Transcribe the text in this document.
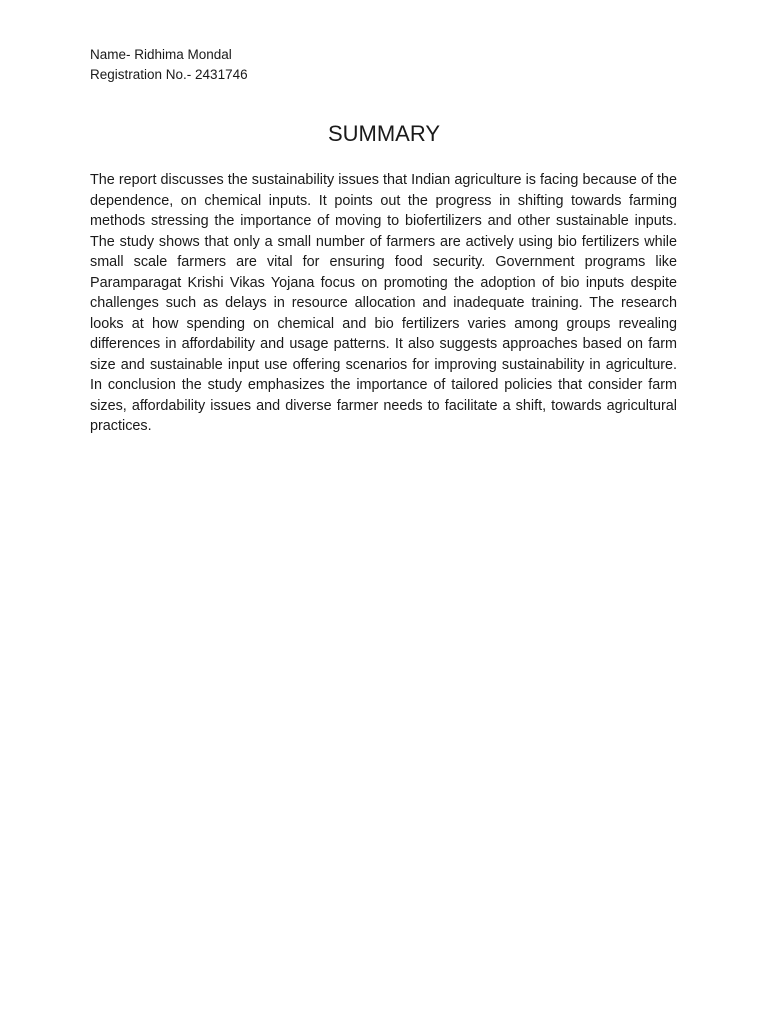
Name- Ridhima Mondal
Registration No.- 2431746
SUMMARY

The report discusses the sustainability issues that Indian agriculture is facing because of the dependence, on chemical inputs. It points out the progress in shifting towards farming methods stressing the importance of moving to biofertilizers and other sustainable inputs. The study shows that only a small number of farmers are actively using bio fertilizers while small scale farmers are vital for ensuring food security. Government programs like Paramparagat Krishi Vikas Yojana focus on promoting the adoption of bio inputs despite challenges such as delays in resource allocation and inadequate training. The research looks at how spending on chemical and bio fertilizers varies among groups revealing differences in affordability and usage patterns. It also suggests approaches based on farm size and sustainable input use offering scenarios for improving sustainability in agriculture. In conclusion the study emphasizes the importance of tailored policies that consider farm sizes, affordability issues and diverse farmer needs to facilitate a shift, towards agricultural practices.
